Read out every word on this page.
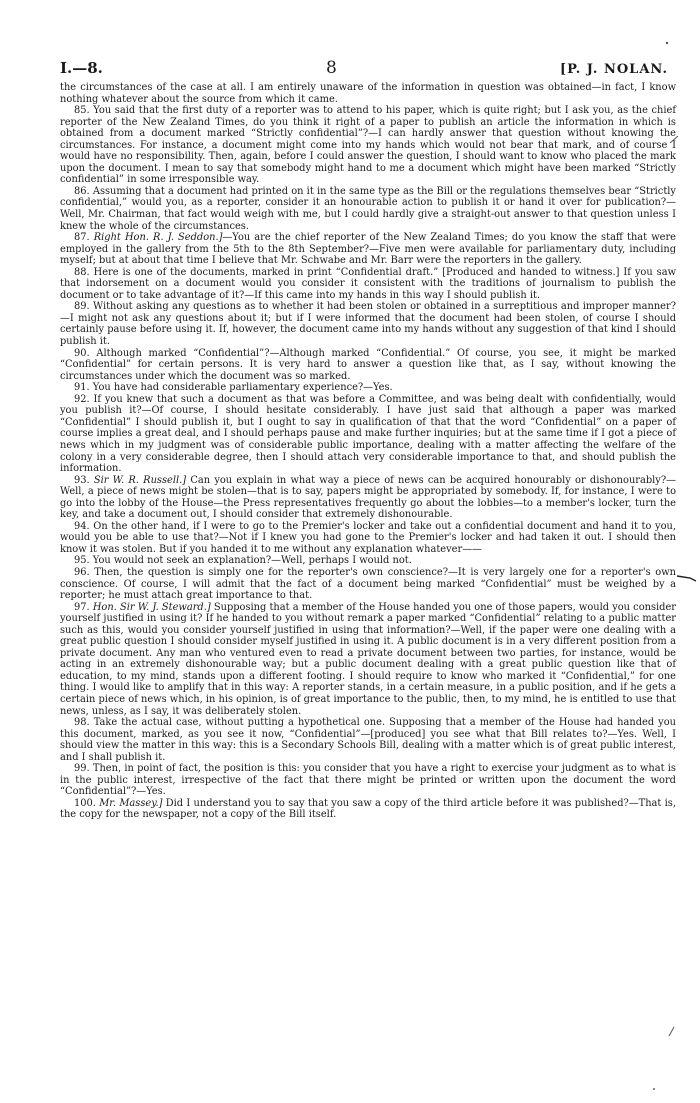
I.—8.	8	[P. J. NOLAN.

the circumstances of the case at all. I am entirely unaware of the information in question was obtained—in fact, I know nothing whatever about the source from which it came.

85. You said that the first duty of a reporter was to attend to his paper, which is quite right; but I ask you, as the chief reporter of the New Zealand Times, do you think it right of a paper to publish an article the information in which is obtained from a document marked “Strictly confidential”?—I can hardly answer that question without knowing the circumstances. For instance, a document might come into my hands which would not bear that mark, and of course I would have no responsibility. Then, again, before I could answer the question, I should want to know who placed the mark upon the document. I mean to say that somebody might hand to me a document which might have been marked “Strictly confidential” in some irresponsible way.

86. Assuming that a document had printed on it in the same type as the Bill or the regulations themselves bear “Strictly confidential,” would you, as a reporter, consider it an honourable action to publish it or hand it over for publication?—Well, Mr. Chairman, that fact would weigh with me, but I could hardly give a straight-out answer to that question unless I knew the whole of the circumstances.

87. Right Hon. R. J. Seddon.]—You are the chief reporter of the New Zealand Times; do you know the staff that were employed in the gallery from the 5th to the 8th September?—Five men were available for parliamentary duty, including myself; but at about that time I believe that Mr. Schwabe and Mr. Barr were the reporters in the gallery.

88. Here is one of the documents, marked in print “Confidential draft.” [Produced and handed to witness.] If you saw that indorsement on a document would you consider it consistent with the traditions of journalism to publish the document or to take advantage of it?—If this came into my hands in this way I should publish it.

89. Without asking any questions as to whether it had been stolen or obtained in a surreptitious and improper manner?—I might not ask any questions about it; but if I were informed that the document had been stolen, of course I should certainly pause before using it. If, however, the document came into my hands without any suggestion of that kind I should publish it.

90. Although marked “Confidential”?—Although marked “Confidential.” Of course, you see, it might be marked “Confidential” for certain persons. It is very hard to answer a question like that, as I say, without knowing the circumstances under which the document was so marked.

91. You have had considerable parliamentary experience?—Yes.

92. If you knew that such a document as that was before a Committee, and was being dealt with confidentially, would you publish it?—Of course, I should hesitate considerably. I have just said that although a paper was marked “Confidential” I should publish it, but I ought to say in qualification of that that the word “Confidential” on a paper of course implies a great deal, and I should perhaps pause and make further inquiries; but at the same time if I got a piece of news which in my judgment was of considerable public importance, dealing with a matter affecting the welfare of the colony in a very considerable degree, then I should attach very considerable importance to that, and should publish the information.

93. Sir W. R. Russell.] Can you explain in what way a piece of news can be acquired honourably or dishonourably?—Well, a piece of news might be stolen—that is to say, papers might be appropriated by somebody. If, for instance, I were to go into the lobby of the House—the Press representatives frequently go about the lobbies—to a member's locker, turn the key, and take a document out, I should consider that extremely dishonourable.

94. On the other hand, if I were to go to the Premier's locker and take out a confidential document and hand it to you, would you be able to use that?—Not if I knew you had gone to the Premier's locker and had taken it out. I should then know it was stolen. But if you handed it to me without any explanation whatever——

95. You would not seek an explanation?—Well, perhaps I would not.

96. Then, the question is simply one for the reporter's own conscience?—It is very largely one for a reporter's own conscience. Of course, I will admit that the fact of a document being marked “Confidential” must be weighed by a reporter; he must attach great importance to that.

97. Hon. Sir W. J. Steward.] Supposing that a member of the House handed you one of those papers, would you consider yourself justified in using it? If he handed to you without remark a paper marked “Confidential” relating to a public matter such as this, would you consider yourself justified in using that information?—Well, if the paper were one dealing with a great public question I should consider myself justified in using it. A public document is in a very different position from a private document. Any man who ventured even to read a private document between two parties, for instance, would be acting in an extremely dishonourable way; but a public document dealing with a great public question like that of education, to my mind, stands upon a different footing. I should require to know who marked it “Confidential,” for one thing. I would like to amplify that in this way: A reporter stands, in a certain measure, in a public position, and if he gets a certain piece of news which, in his opinion, is of great importance to the public, then, to my mind, he is entitled to use that news, unless, as I say, it was deliberately stolen.

98. Take the actual case, without putting a hypothetical one. Supposing that a member of the House had handed you this document, marked, as you see it now, “Confidential”—[produced] you see what that Bill relates to?—Yes. Well, I should view the matter in this way: this is a Secondary Schools Bill, dealing with a matter which is of great public interest, and I shall publish it.

99. Then, in point of fact, the position is this: you consider that you have a right to exercise your judgment as to what is in the public interest, irrespective of the fact that there might be printed or written upon the document the word “Confidential”?—Yes.

100. Mr. Massey.] Did I understand you to say that you saw a copy of the third article before it was published?—That is, the copy for the newspaper, not a copy of the Bill itself.
